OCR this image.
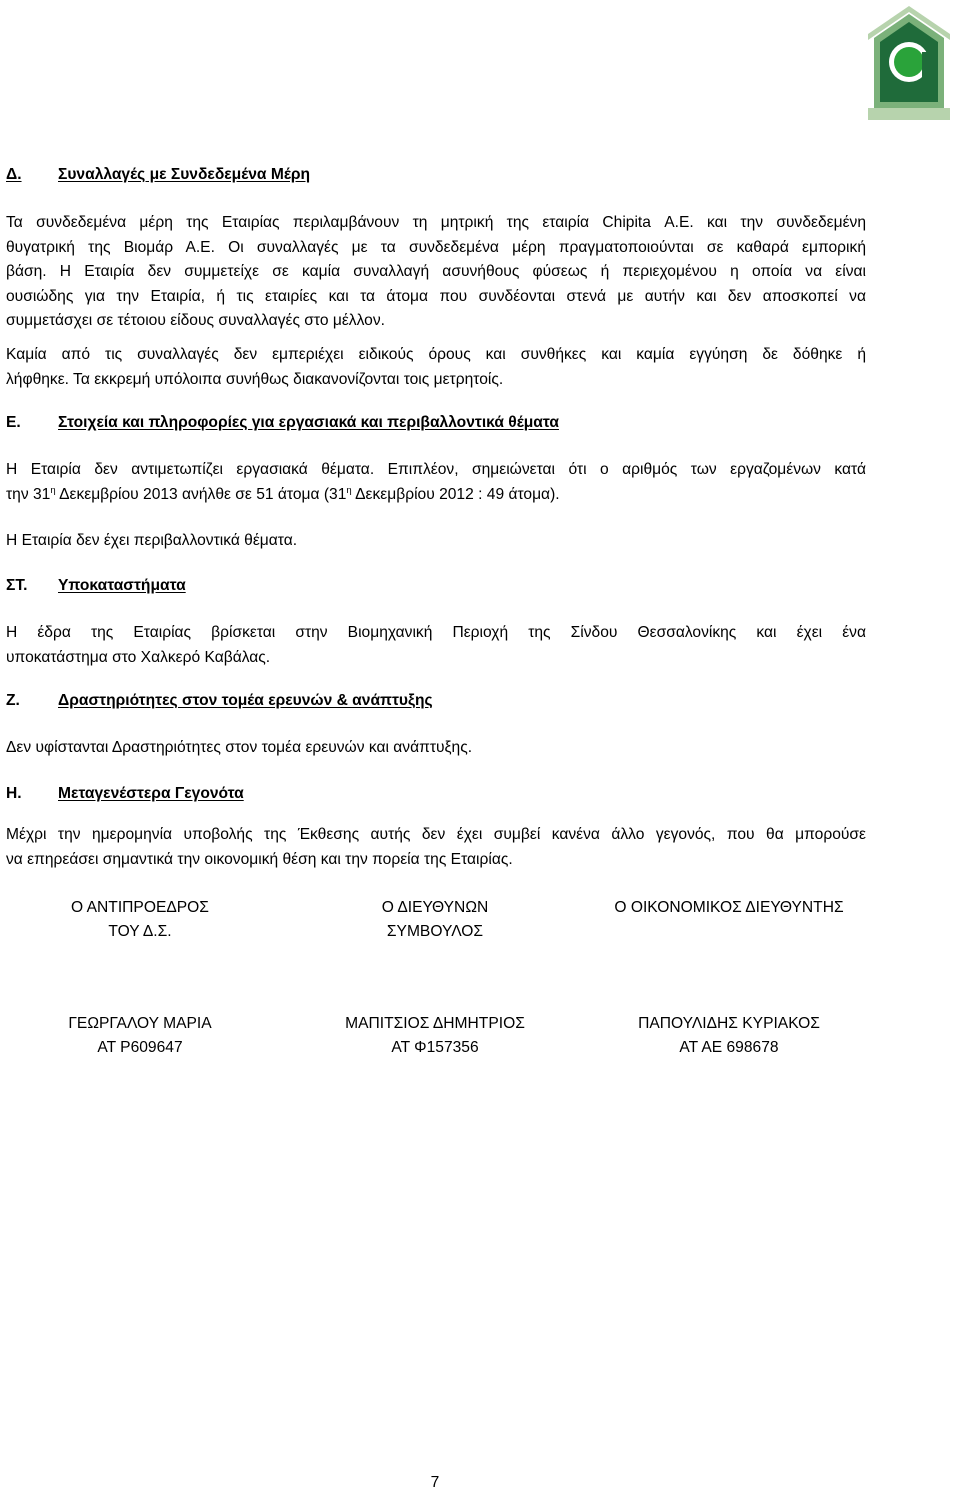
Δ. Συναλλαγές με Συνδεδεμένα Μέρη
Τα συνδεδεμένα μέρη της Εταιρίας περιλαμβάνουν τη μητρική της εταιρία Chipita Α.Ε. και την συνδεδεμένη
θυγατρική της Βιομάρ Α.Ε. Οι συναλλαγές με τα συνδεδεμένα μέρη πραγματοποιούνται σε καθαρά εμπορική
βάση. Η Εταιρία δεν συμμετείχε σε καμία συναλλαγή ασυνήθους φύσεως ή περιεχομένου η οποία να είναι
ουσιώδης για την Εταιρία, ή τις εταιρίες και τα άτομα που συνδέονται στενά με αυτήν και δεν αποσκοπεί να
συμμετάσχει σε τέτοιου είδους συναλλαγές στο μέλλον.
Καμία από τις συναλλαγές δεν εμπεριέχει ειδικούς όρους και συνθήκες και καμία εγγύηση δε δόθηκε ή
λήφθηκε. Τα εκκρεμή υπόλοιπα συνήθως διακανονίζονται τοις μετρητοίς.
Ε. Στοιχεία και πληροφορίες για εργασιακά και περιβαλλοντικά θέματα
Η Εταιρία δεν αντιμετωπίζει εργασιακά θέματα. Επιπλέον, σημειώνεται ότι ο αριθμός των εργαζομένων κατά
την $31^\eta$ Δεκεμβρίου 2013 ανήλθε σε 51 άτομα ($31^\eta$ Δεκεμβρίου 2012 : 49 άτομα).
Η Εταιρία δεν έχει περιβαλλοντικά θέματα.
ΣΤ. Υποκαταστήματα
Η έδρα της Εταιρίας βρίσκεται στην Βιομηχανική Περιοχή της Σίνδου Θεσσαλονίκης και έχει ένα
υποκατάστημα στο Χαλκερό Καβάλας.
Ζ. Δραστηριότητες στον τομέα ερευνών & ανάπτυξης
Δεν υφίστανται Δραστηριότητες στον τομέα ερευνών και ανάπτυξης.
Η. Μεταγενέστερα Γεγονότα
Μέχρι την ημερομηνία υποβολής της Έκθεσης αυτής δεν έχει συμβεί κανένα άλλο γεγονός, που θα μπορούσε
να επηρεάσει σημαντικά την οικονομική θέση και την πορεία της Εταιρίας.
Ο ΑΝΤΙΠΡΟΕΔΡΟΣ
ΤΟΥ Δ.Σ.
Ο ΔΙΕΥΘΥΝΩΝ
ΣΥΜΒΟΥΛΟΣ
Ο ΟΙΚΟΝΟΜΙΚΟΣ ΔΙΕΥΘΥΝΤΗΣ
ΓΕΩΡΓΑΛΟΥ ΜΑΡΙΑ
ΑΤ Ρ609647
ΜΑΠΙΤΣΙΟΣ ΔΗΜΗΤΡΙΟΣ
ΑΤ Φ157356
ΠΑΠΟΥΛΙΔΗΣ ΚΥΡΙΑΚΟΣ
ΑΤ ΑΕ 698678
7
